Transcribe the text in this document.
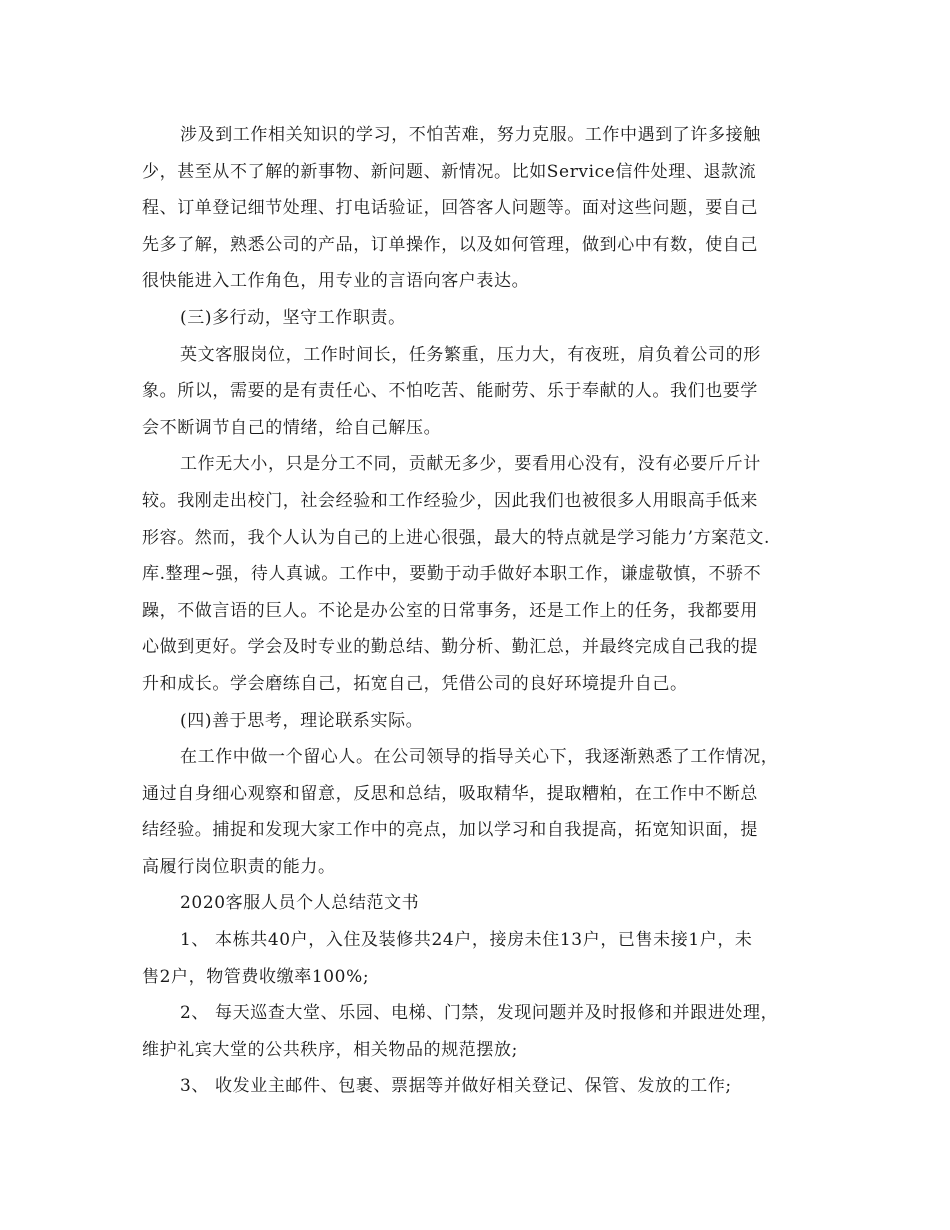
涉及到工作相关知识的学习，不怕苦难，努力克服。工作中遇到了许多接触
少，甚至从不了解的新事物、新问题、新情况。比如Service信件处理、退款流
程、订单登记细节处理、打电话验证，回答客人问题等。面对这些问题，要自己
先多了解，熟悉公司的产品，订单操作，以及如何管理，做到心中有数，使自己
很快能进入工作角色，用专业的言语向客户表达。
(三)多行动，坚守工作职责。
英文客服岗位，工作时间长，任务繁重，压力大，有夜班，肩负着公司的形
象。所以，需要的是有责任心、不怕吃苦、能耐劳、乐于奉献的人。我们也要学
会不断调节自己的情绪，给自己解压。
工作无大小，只是分工不同，贡献无多少，要看用心没有，没有必要斤斤计
较。我刚走出校门，社会经验和工作经验少，因此我们也被很多人用眼高手低来
形容。然而，我个人认为自己的上进心很强，最大的特点就是学习能力’方案范文.
库.整理~强，待人真诚。工作中，要勤于动手做好本职工作，谦虚敬慎，不骄不
躁，不做言语的巨人。不论是办公室的日常事务，还是工作上的任务，我都要用
心做到更好。学会及时专业的勤总结、勤分析、勤汇总，并最终完成自己我的提
升和成长。学会磨练自己，拓宽自己，凭借公司的良好环境提升自己。
(四)善于思考，理论联系实际。
在工作中做一个留心人。在公司领导的指导关心下，我逐渐熟悉了工作情况，
通过自身细心观察和留意，反思和总结，吸取精华，提取糟粕，在工作中不断总
结经验。捕捉和发现大家工作中的亮点，加以学习和自我提高，拓宽知识面，提
高履行岗位职责的能力。
2020客服人员个人总结范文书
1、 本栋共40户，入住及装修共24户，接房未住13户，已售未接1户，未
售2户，物管费收缴率100%;
2、 每天巡查大堂、乐园、电梯、门禁，发现问题并及时报修和并跟进处理，
维护礼宾大堂的公共秩序，相关物品的规范摆放;
3、 收发业主邮件、包裹、票据等并做好相关登记、保管、发放的工作;
